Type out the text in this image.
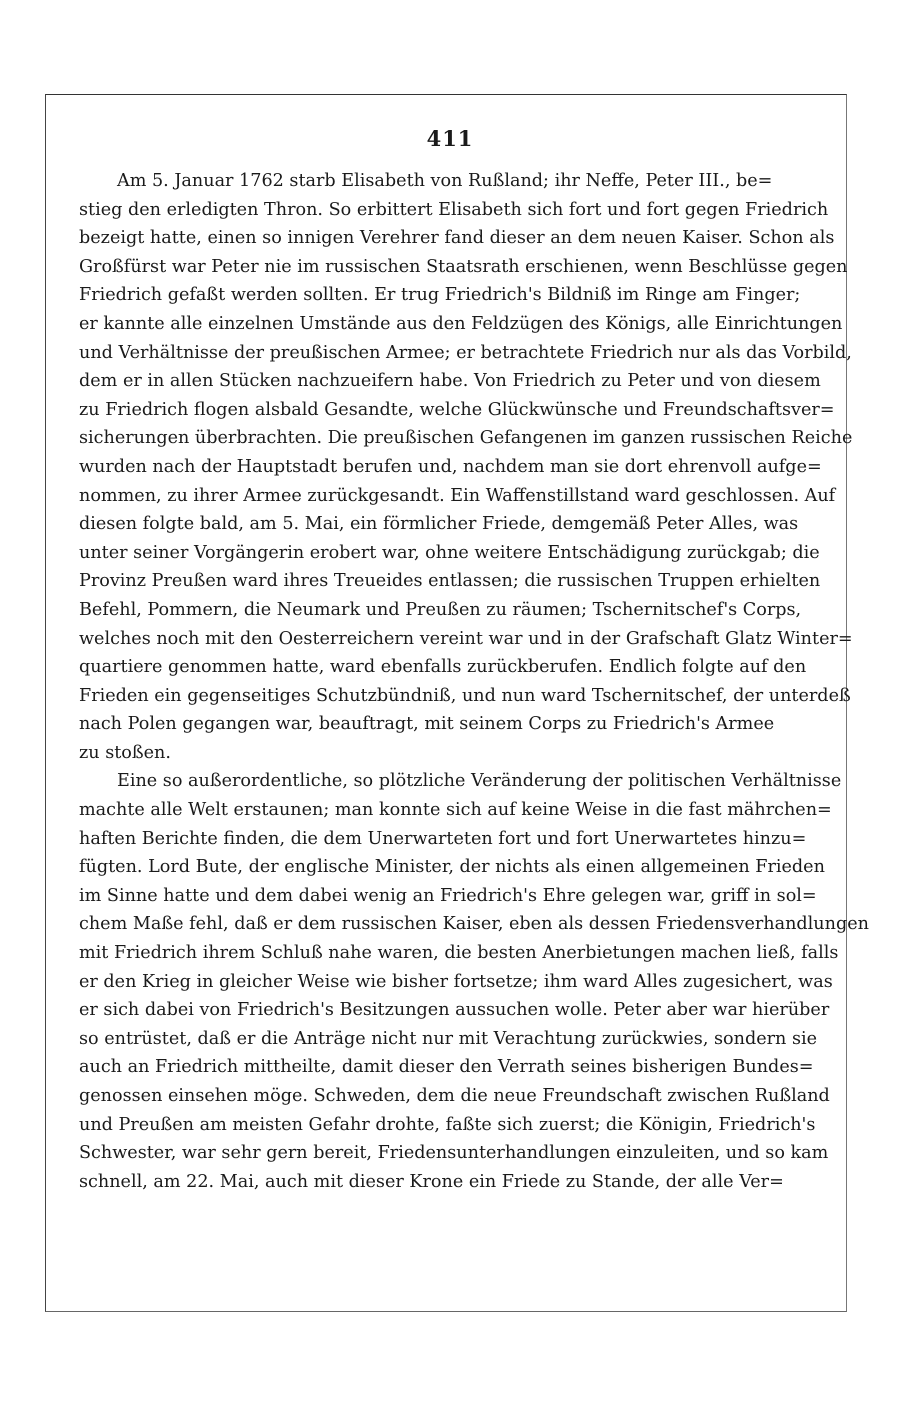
411
Am 5. Januar 1762 starb Elisabeth von Rußland; ihr Neffe, Peter III., be=
stieg den erledigten Thron. So erbittert Elisabeth sich fort und fort gegen Friedrich
bezeigt hatte, einen so innigen Verehrer fand dieser an dem neuen Kaiser. Schon als
Großfürst war Peter nie im russischen Staatsrath erschienen, wenn Beschlüsse gegen
Friedrich gefaßt werden sollten. Er trug Friedrich's Bildniß im Ringe am Finger;
er kannte alle einzelnen Umstände aus den Feldzügen des Königs, alle Einrichtungen
und Verhältnisse der preußischen Armee; er betrachtete Friedrich nur als das Vorbild,
dem er in allen Stücken nachzueifern habe. Von Friedrich zu Peter und von diesem
zu Friedrich flogen alsbald Gesandte, welche Glückwünsche und Freundschaftsver=
sicherungen überbrachten. Die preußischen Gefangenen im ganzen russischen Reiche
wurden nach der Hauptstadt berufen und, nachdem man sie dort ehrenvoll aufge=
nommen, zu ihrer Armee zurückgesandt. Ein Waffenstillstand ward geschlossen. Auf
diesen folgte bald, am 5. Mai, ein förmlicher Friede, demgemäß Peter Alles, was
unter seiner Vorgängerin erobert war, ohne weitere Entschädigung zurückgab; die
Provinz Preußen ward ihres Treueides entlassen; die russischen Truppen erhielten
Befehl, Pommern, die Neumark und Preußen zu räumen; Tschernitschef's Corps,
welches noch mit den Oesterreichern vereint war und in der Grafschaft Glatz Winter=
quartiere genommen hatte, ward ebenfalls zurückberufen. Endlich folgte auf den
Frieden ein gegenseitiges Schutzbündniß, und nun ward Tschernitschef, der unterdeß
nach Polen gegangen war, beauftragt, mit seinem Corps zu Friedrich's Armee
zu stoßen.
Eine so außerordentliche, so plötzliche Veränderung der politischen Verhältnisse
machte alle Welt erstaunen; man konnte sich auf keine Weise in die fast mährchen=
haften Berichte finden, die dem Unerwarteten fort und fort Unerwartetes hinzu=
fügten. Lord Bute, der englische Minister, der nichts als einen allgemeinen Frieden
im Sinne hatte und dem dabei wenig an Friedrich's Ehre gelegen war, griff in sol=
chem Maße fehl, daß er dem russischen Kaiser, eben als dessen Friedensverhandlungen
mit Friedrich ihrem Schluß nahe waren, die besten Anerbietungen machen ließ, falls
er den Krieg in gleicher Weise wie bisher fortsetze; ihm ward Alles zugesichert, was
er sich dabei von Friedrich's Besitzungen aussuchen wolle. Peter aber war hierüber
so entrüstet, daß er die Anträge nicht nur mit Verachtung zurückwies, sondern sie
auch an Friedrich mittheilte, damit dieser den Verrath seines bisherigen Bundes=
genossen einsehen möge. Schweden, dem die neue Freundschaft zwischen Rußland
und Preußen am meisten Gefahr drohte, faßte sich zuerst; die Königin, Friedrich's
Schwester, war sehr gern bereit, Friedensunterhandlungen einzuleiten, und so kam
schnell, am 22. Mai, auch mit dieser Krone ein Friede zu Stande, der alle Ver=
